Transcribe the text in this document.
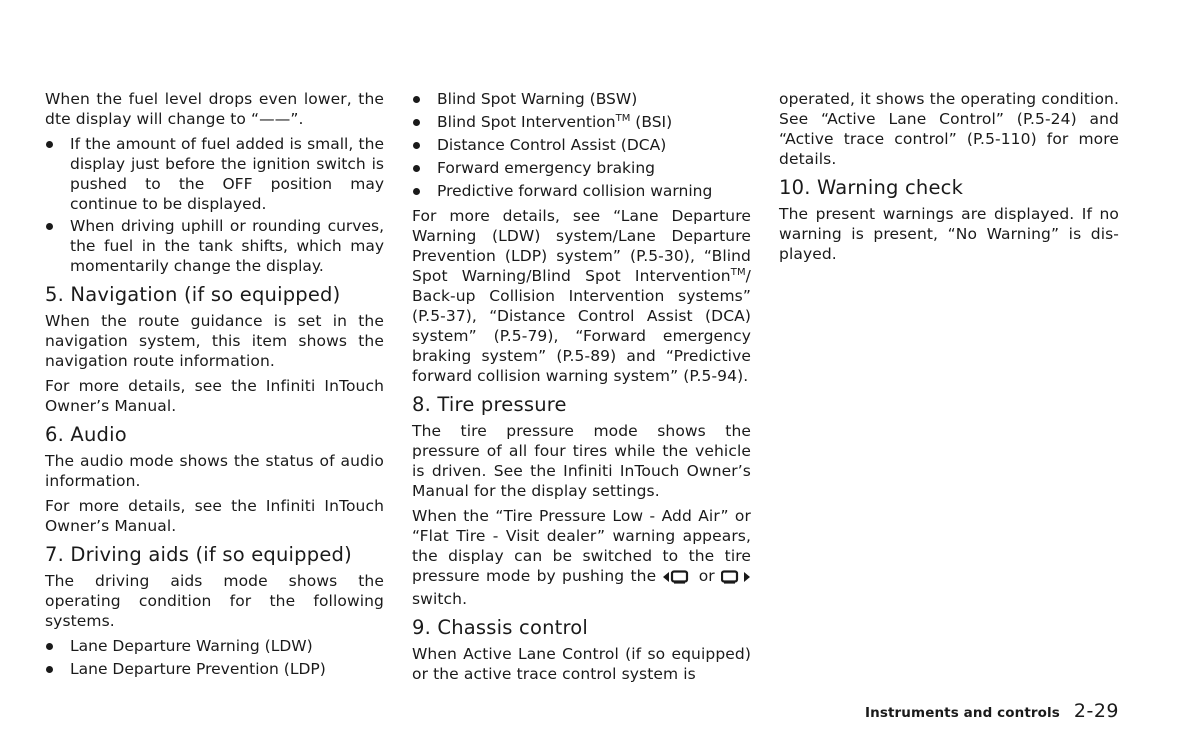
When the fuel level drops even lower, the dte display will change to “——”.

If the amount of fuel added is small, the display just before the ignition switch is pushed to the OFF position may continue to be displayed.
When driving uphill or rounding curves, the fuel in the tank shifts, which may momentarily change the display.
5. Navigation (if so equipped)

When the route guidance is set in the navigation system, this item shows the navigation route information.

For more details, see the Infiniti InTouch Owner’s Manual.

6. Audio

The audio mode shows the status of audio information.

For more details, see the Infiniti InTouch Owner’s Manual.

7. Driving aids (if so equipped)

The driving aids mode shows the operating condition for the following systems.

Lane Departure Warning (LDW)
Lane Departure Prevention (LDP)
Blind Spot Warning (BSW)
Blind Spot Intervention™ (BSI)
Distance Control Assist (DCA)
Forward emergency braking
Predictive forward collision warning

For more details, see “Lane Departure Warning (LDW) system/Lane Departure Prevention (LDP) system” (P.5-30), “Blind Spot Warning/Blind Spot Intervention™/ Back-up Collision Intervention systems” (P.5-37), “Distance Control Assist (DCA) system” (P.5-79), “Forward emergency braking system” (P.5-89) and “Predictive forward collision warning system” (P.5-94).

8. Tire pressure

The tire pressure mode shows the pressure of all four tires while the vehicle is driven. See the Infiniti InTouch Owner’s Manual for the display settings.

When the “Tire Pressure Low - Add Air” or “Flat Tire - Visit dealer” warning appears, the display can be switched to the tire pressure mode by pushing the	or  switch.

9. Chassis control

When Active Lane Control (if so equipped) or the active trace control system is

operated, it shows the operating condition. See “Active Lane Control” (P.5-24) and “Active trace control” (P.5-110) for more details.

10. Warning check

The present warnings are displayed. If no warning is present, “No Warning” is dis- played.

Instruments and controls 2-29
